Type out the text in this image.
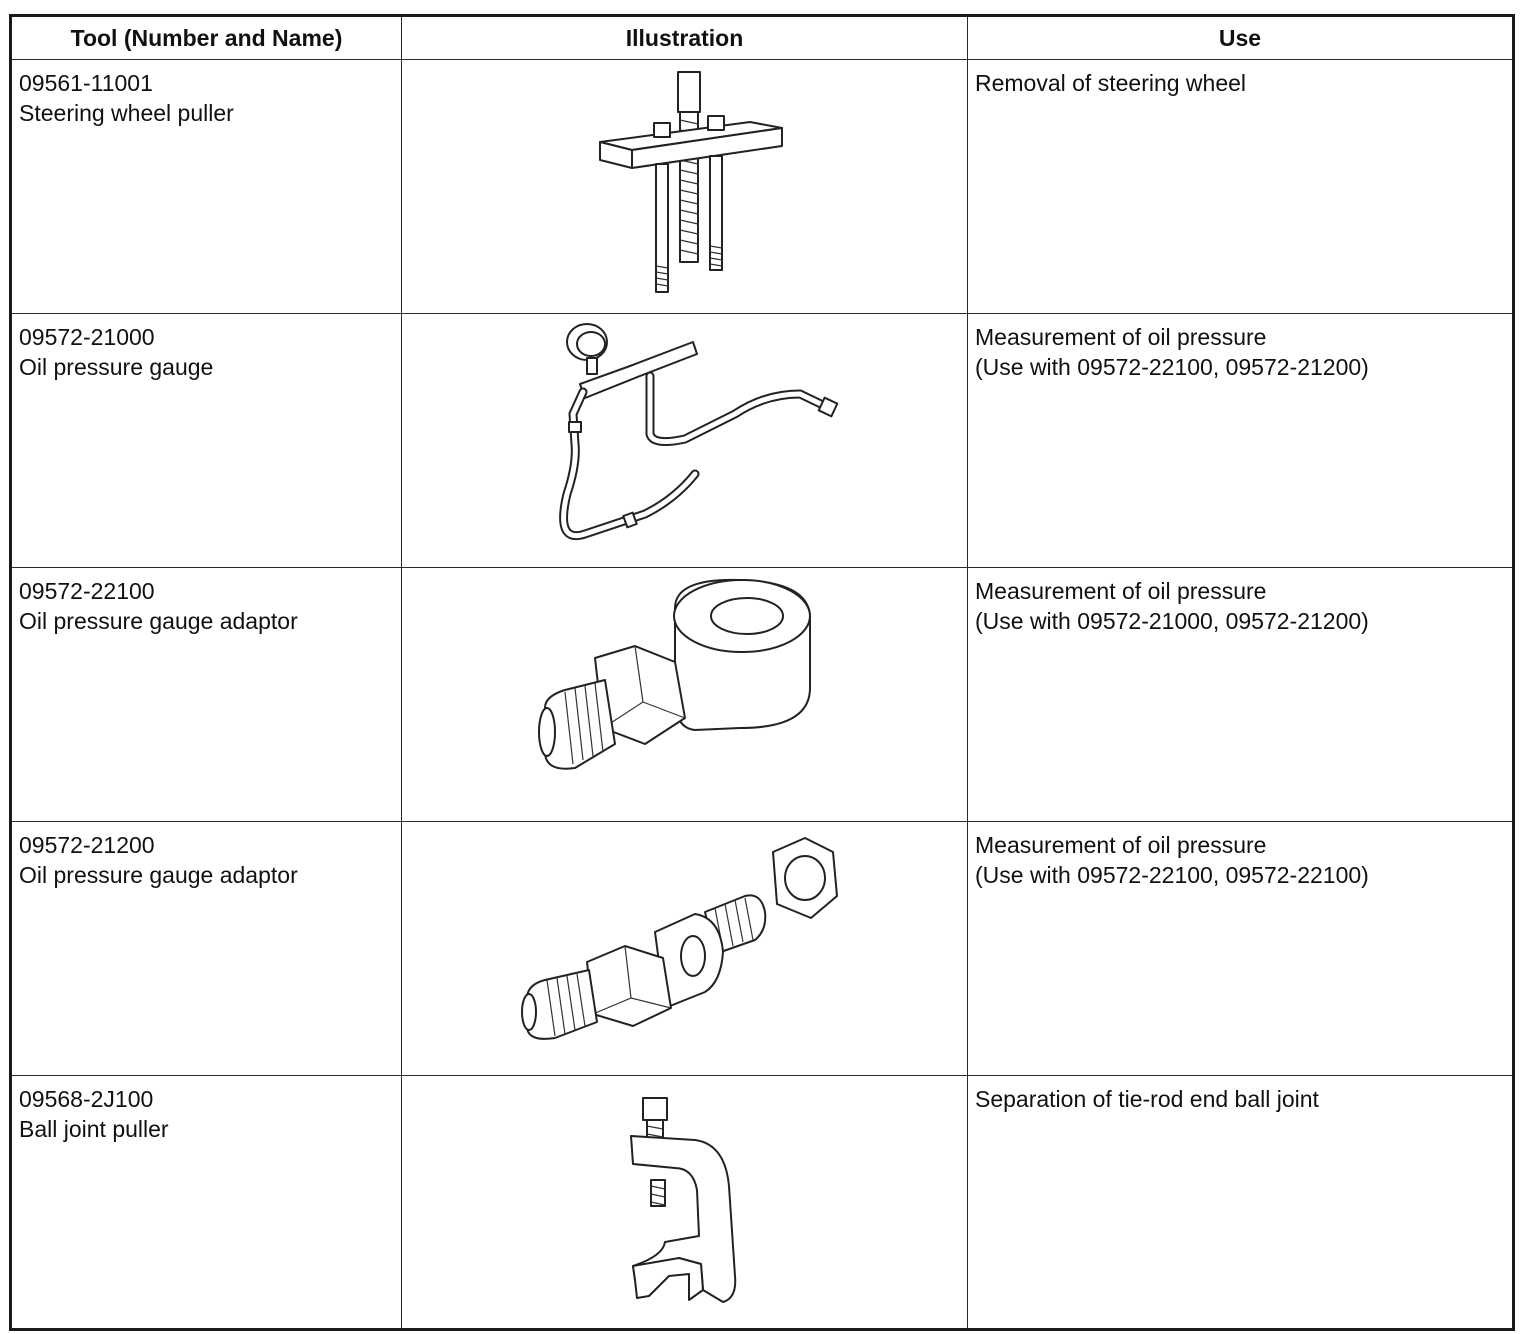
Tool (Number and Name)	Illustration	Use

09561-11001
Steering wheel puller		Removal of steering wheel

09572-21000
Oil pressure gauge		Measurement of oil pressure
(Use with 09572-22100, 09572-21200)

09572-22100
Oil pressure gauge adaptor		Measurement of oil pressure
(Use with 09572-21000, 09572-21200)

09572-21200
Oil pressure gauge adaptor		Measurement of oil pressure
(Use with 09572-22100, 09572-22100)

09568-2J100
Ball joint puller		Separation of tie-rod end ball joint
